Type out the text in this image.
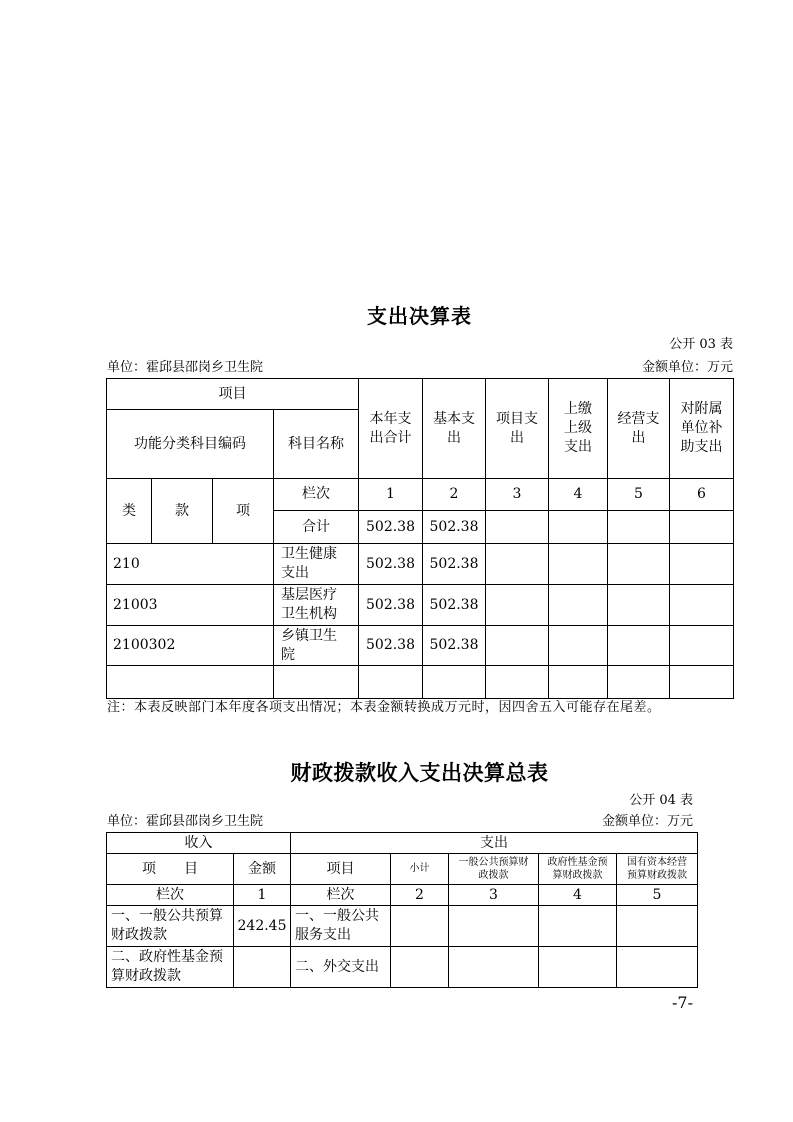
支出决算表
公开 03 表
单位：霍邱县邵岗乡卫生院	金额单位：万元
项目				本年支出合计	基本支出	项目支出	上缴上级支出	经营支出	对附属单位补助支出
功能分类科目编码			科目名称						
类	款	项	栏次	1	2	3	4	5	6
			合计	502.38	502.38				
210			卫生健康支出	502.38	502.38				
21003			基层医疗卫生机构	502.38	502.38				
2100302			乡镇卫生院	502.38	502.38				

注：本表反映部门本年度各项支出情况；本表金额转换成万元时，因四舍五入可能存在尾差。
财政拨款收入支出决算总表
公开 04 表
单位：霍邱县邵岗乡卫生院	金额单位：万元
收入		支出				
项　　目	金额	项目	小计	一般公共预算财政拨款	政府性基金预算财政拨款	国有资本经营预算财政拨款
栏次	1	栏次	2	3	4	5
一、一般公共预算财政拨款	242.45	一、一般公共服务支出				
二、政府性基金预算财政拨款		二、外交支出				
-7-
